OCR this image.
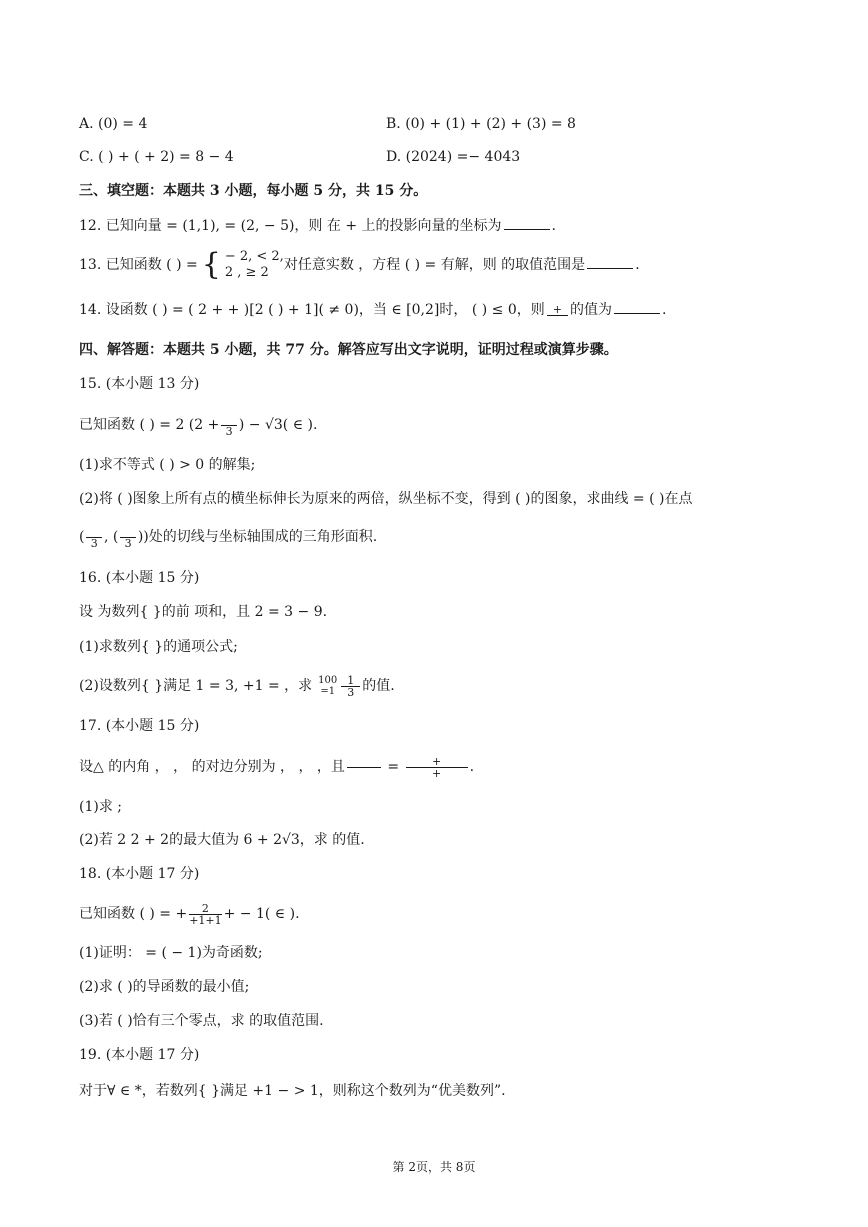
A. (0) = 4	B. (0) + (1) + (2) + (3) = 8
C. ( ) + ( + 2) = 8 − 4	D. (2024) =− 4043
三、填空题：本题共 3 小题，每小题 5 分，共 15 分。
12. 已知向量 = (1,1), = (2, − 5)，则 在 + 上的投影向量的坐标为	.
13. 已知函数 ( ) = { − 2, < 2,
2 , ≥ 2	对任意实数 ，方程 ( ) = 有解，则 的取值范围是	.
14. 设函数 ( ) = ( 2 + + )[2 ( ) + 1]( ≠ 0)，当 ∈ [0,2]时， ( ) ≤ 0，则 + 的值为	.
四、解答题：本题共 5 小题，共 77 分。解答应写出文字说明，证明过程或演算步骤。
15. (本小题 13 分)
已知函数 ( ) = 2 (2 +
3 ) − √3( ∈ ).
(1)求不等式 ( ) > 0 的解集;
(2)将 ( )图象上所有点的横坐标伸长为原来的两倍，纵坐标不变，得到 ( )的图象，求曲线 = ( )在点
(
3 , (
3 ))处的切线与坐标轴围成的三角形面积.
16. (本小题 15 分)
设 为数列{ }的前 项和，且 2 = 3 − 9.
(1)求数列{ }的通项公式;
(2)设数列{ }满足 1 = 3, +1 = ，求 100
$=1 \frac{1}{3}$ 的值.
17. (本小题 15 分)
设△ 的内角 ， ， 的对边分别为 ， ， ，且

	= $\frac{+}{+}$ .
(1)求 ;
(2)若 2 2 + 2的最大值为 6 + 2√3，求 的值.
18. (本小题 17 分)
已知函数 ( ) = + $\frac{2}{+1+1}$ + − 1( ∈ ).
(1)证明： = ( − 1)为奇函数;
(2)求 ( )的导函数的最小值;
(3)若 ( )恰有三个零点，求 的取值范围.
19. (本小题 17 分)
对于∀ ∈ *，若数列{ }满足 +1 − > 1，则称这个数列为“优美数列”.
第 2页，共 8页
